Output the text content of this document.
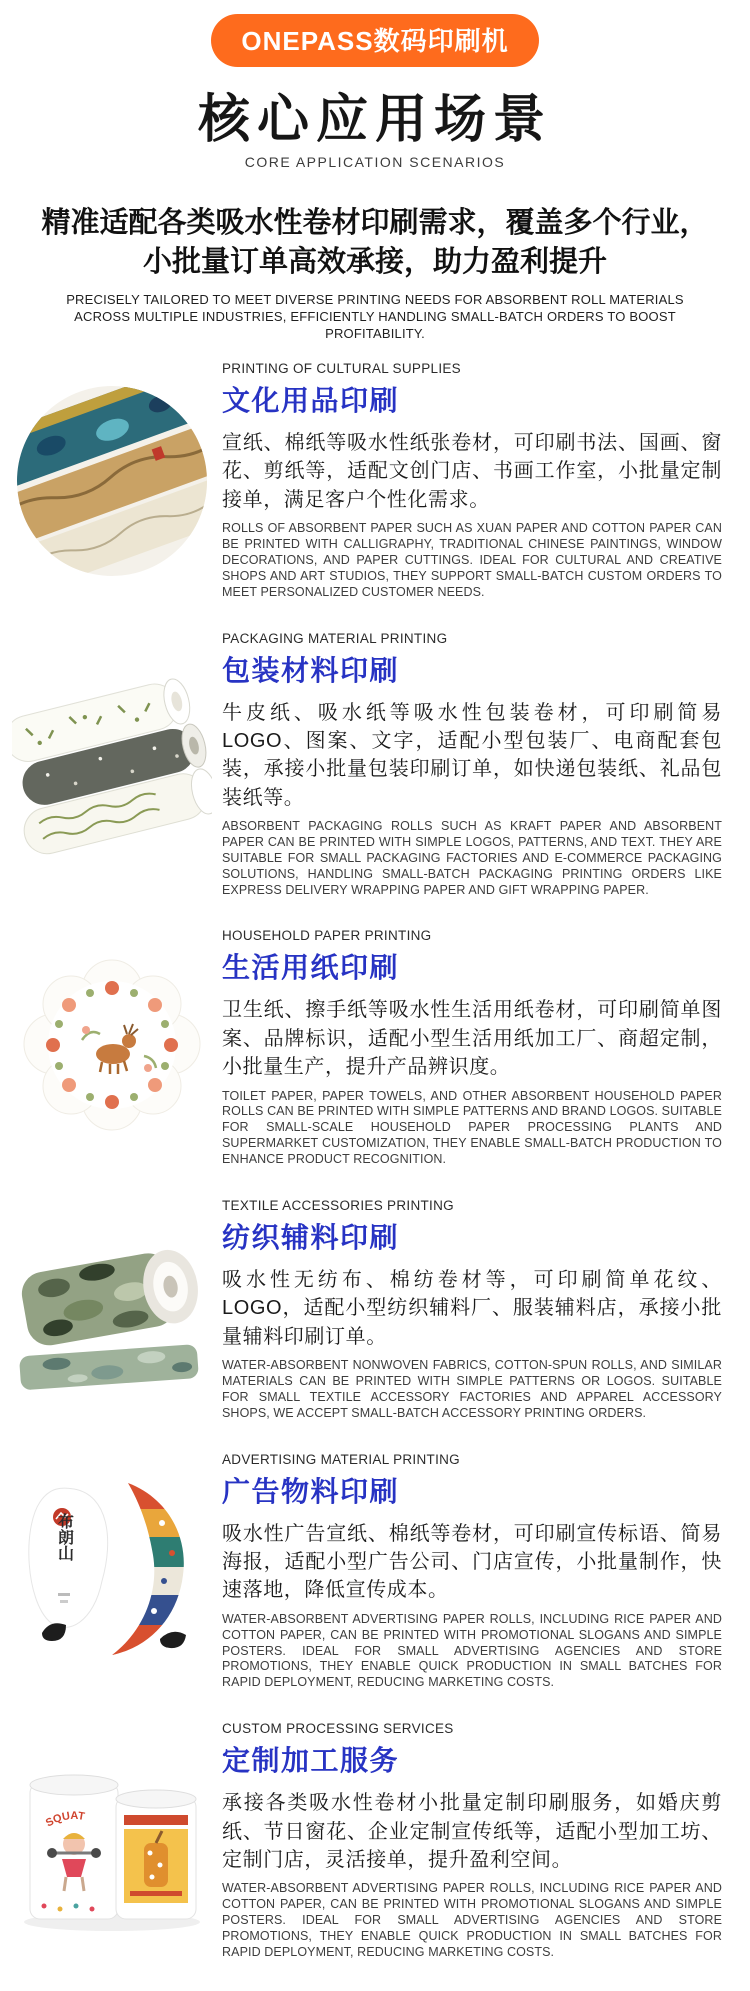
ONEPASS数码印刷机
核心应用场景
CORE APPLICATION SCENARIOS
精准适配各类吸水性卷材印刷需求，覆盖多个行业，小批量订单高效承接，助力盈利提升
PRECISELY TAILORED TO MEET DIVERSE PRINTING NEEDS FOR ABSORBENT ROLL MATERIALS ACROSS MULTIPLE INDUSTRIES, EFFICIENTLY HANDLING SMALL-BATCH ORDERS TO BOOST PROFITABILITY.
PRINTING OF CULTURAL SUPPLIES
文化用品印刷

宣纸、棉纸等吸水性纸张卷材，可印刷书法、国画、窗花、剪纸等，适配文创门店、书画工作室，小批量定制接单，满足客户个性化需求。

ROLLS OF ABSORBENT PAPER SUCH AS XUAN PAPER AND COTTON PAPER CAN BE PRINTED WITH CALLIGRAPHY, TRADITIONAL CHINESE PAINTINGS, WINDOW DECORATIONS, AND PAPER CUTTINGS. IDEAL FOR CULTURAL AND CREATIVE SHOPS AND ART STUDIOS, THEY SUPPORT SMALL-BATCH CUSTOM ORDERS TO MEET PERSONALIZED CUSTOMER NEEDS.

PACKAGING MATERIAL PRINTING
包装材料印刷

牛皮纸、吸水纸等吸水性包装卷材，可印刷简易LOGO、图案、文字，适配小型包装厂、电商配套包装，承接小批量包装印刷订单，如快递包装纸、礼品包装纸等。

ABSORBENT PACKAGING ROLLS SUCH AS KRAFT PAPER AND ABSORBENT PAPER CAN BE PRINTED WITH SIMPLE LOGOS, PATTERNS, AND TEXT. THEY ARE SUITABLE FOR SMALL PACKAGING FACTORIES AND E-COMMERCE PACKAGING SOLUTIONS, HANDLING SMALL-BATCH PACKAGING PRINTING ORDERS LIKE EXPRESS DELIVERY WRAPPING PAPER AND GIFT WRAPPING PAPER.

HOUSEHOLD PAPER PRINTING
生活用纸印刷

卫生纸、擦手纸等吸水性生活用纸卷材，可印刷简单图案、品牌标识，适配小型生活用纸加工厂、商超定制，小批量生产，提升产品辨识度。

TOILET PAPER, PAPER TOWELS, AND OTHER ABSORBENT HOUSEHOLD PAPER ROLLS CAN BE PRINTED WITH SIMPLE PATTERNS AND BRAND LOGOS. SUITABLE FOR SMALL-SCALE HOUSEHOLD PAPER PROCESSING PLANTS AND SUPERMARKET CUSTOMIZATION, THEY ENABLE SMALL-BATCH PRODUCTION TO ENHANCE PRODUCT RECOGNITION.

TEXTILE ACCESSORIES PRINTING
纺织辅料印刷

吸水性无纺布、棉纺卷材等，可印刷简单花纹、LOGO，适配小型纺织辅料厂、服装辅料店，承接小批量辅料印刷订单。

WATER-ABSORBENT NONWOVEN FABRICS, COTTON-SPUN ROLLS, AND SIMILAR MATERIALS CAN BE PRINTED WITH SIMPLE PATTERNS OR LOGOS. SUITABLE FOR SMALL TEXTILE ACCESSORY FACTORIES AND APPAREL ACCESSORY SHOPS, WE ACCEPT SMALL-BATCH ACCESSORY PRINTING ORDERS.

布朗山
ADVERTISING MATERIAL PRINTING
广告物料印刷

吸水性广告宣纸、棉纸等卷材，可印刷宣传标语、简易海报，适配小型广告公司、门店宣传，小批量制作，快速落地，降低宣传成本。

WATER-ABSORBENT ADVERTISING PAPER ROLLS, INCLUDING RICE PAPER AND COTTON PAPER, CAN BE PRINTED WITH PROMOTIONAL SLOGANS AND SIMPLE POSTERS. IDEAL FOR SMALL ADVERTISING AGENCIES AND STORE PROMOTIONS, THEY ENABLE QUICK PRODUCTION IN SMALL BATCHES FOR RAPID DEPLOYMENT, REDUCING MARKETING COSTS.

SQUAT
CUSTOM PROCESSING SERVICES
定制加工服务

承接各类吸水性卷材小批量定制印刷服务，如婚庆剪纸、节日窗花、企业定制宣传纸等，适配小型加工坊、定制门店，灵活接单，提升盈利空间。

WATER-ABSORBENT ADVERTISING PAPER ROLLS, INCLUDING RICE PAPER AND COTTON PAPER, CAN BE PRINTED WITH PROMOTIONAL SLOGANS AND SIMPLE POSTERS. IDEAL FOR SMALL ADVERTISING AGENCIES AND STORE PROMOTIONS, THEY ENABLE QUICK PRODUCTION IN SMALL BATCHES FOR RAPID DEPLOYMENT, REDUCING MARKETING COSTS.
